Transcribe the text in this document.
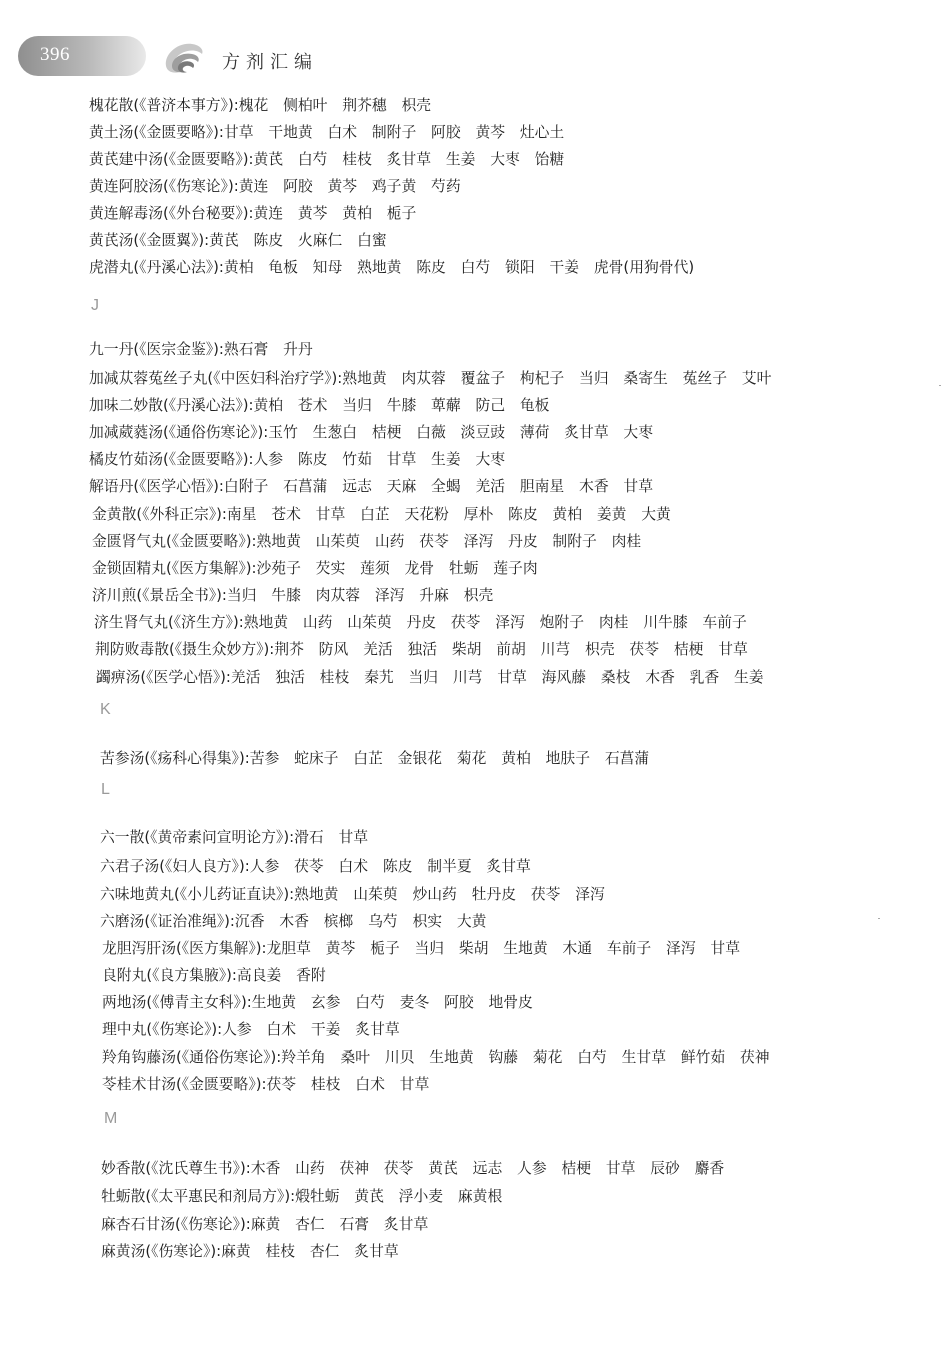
396	方剂汇编
槐花散(《普济本事方》):槐花　侧柏叶　荆芥穗　枳壳
黄土汤(《金匮要略》):甘草　干地黄　白术　制附子　阿胶　黄芩　灶心土
黄芪建中汤(《金匮要略》):黄芪　白芍　桂枝　炙甘草　生姜　大枣　饴糖
黄连阿胶汤(《伤寒论》):黄连　阿胶　黄芩　鸡子黄　芍药
黄连解毒汤(《外台秘要》):黄连　黄芩　黄柏　栀子
黄芪汤(《金匮翼》):黄芪　陈皮　火麻仁　白蜜
虎潜丸(《丹溪心法》):黄柏　龟板　知母　熟地黄　陈皮　白芍　锁阳　干姜　虎骨(用狗骨代)
J
九一丹(《医宗金鉴》):熟石膏　升丹
加减苁蓉菟丝子丸(《中医妇科治疗学》):熟地黄　肉苁蓉　覆盆子　枸杞子　当归　桑寄生　菟丝子　艾叶
加味二妙散(《丹溪心法》):黄柏　苍术　当归　牛膝　萆薢　防己　龟板
加减葳蕤汤(《通俗伤寒论》):玉竹　生葱白　桔梗　白薇　淡豆豉　薄荷　炙甘草　大枣
橘皮竹茹汤(《金匮要略》):人参　陈皮　竹茹　甘草　生姜　大枣
解语丹(《医学心悟》):白附子　石菖蒲　远志　天麻　全蝎　羌活　胆南星　木香　甘草
金黄散(《外科正宗》):南星　苍术　甘草　白芷　天花粉　厚朴　陈皮　黄柏　姜黄　大黄
金匮肾气丸(《金匮要略》):熟地黄　山茱萸　山药　茯苓　泽泻　丹皮　制附子　肉桂
金锁固精丸(《医方集解》):沙苑子　芡实　莲须　龙骨　牡蛎　莲子肉
济川煎(《景岳全书》):当归　牛膝　肉苁蓉　泽泻　升麻　枳壳
济生肾气丸(《济生方》):熟地黄　山药　山茱萸　丹皮　茯苓　泽泻　炮附子　肉桂　川牛膝　车前子
荆防败毒散(《摄生众妙方》):荆芥　防风　羌活　独活　柴胡　前胡　川芎　枳壳　茯苓　桔梗　甘草
蠲痹汤(《医学心悟》):羌活　独活　桂枝　秦艽　当归　川芎　甘草　海风藤　桑枝　木香　乳香　生姜
K
苦参汤(《疡科心得集》):苦参　蛇床子　白芷　金银花　菊花　黄柏　地肤子　石菖蒲
L
六一散(《黄帝素问宣明论方》):滑石　甘草
六君子汤(《妇人良方》):人参　茯苓　白术　陈皮　制半夏　炙甘草
六味地黄丸(《小儿药证直诀》):熟地黄　山茱萸　炒山药　牡丹皮　茯苓　泽泻
六磨汤(《证治准绳》):沉香　木香　槟榔　乌芍　枳实　大黄
龙胆泻肝汤(《医方集解》):龙胆草　黄芩　栀子　当归　柴胡　生地黄　木通　车前子　泽泻　甘草
良附丸(《良方集腋》):高良姜　香附
两地汤(《傅青主女科》):生地黄　玄参　白芍　麦冬　阿胶　地骨皮
理中丸(《伤寒论》):人参　白术　干姜　炙甘草
羚角钩藤汤(《通俗伤寒论》):羚羊角　桑叶　川贝　生地黄　钩藤　菊花　白芍　生甘草　鲜竹茹　茯神
苓桂术甘汤(《金匮要略》):茯苓　桂枝　白术　甘草
M
妙香散(《沈氏尊生书》):木香　山药　茯神　茯苓　黄芪　远志　人参　桔梗　甘草　辰砂　麝香
牡蛎散(《太平惠民和剂局方》):煅牡蛎　黄芪　浮小麦　麻黄根
麻杏石甘汤(《伤寒论》):麻黄　杏仁　石膏　炙甘草
麻黄汤(《伤寒论》):麻黄　桂枝　杏仁　炙甘草
